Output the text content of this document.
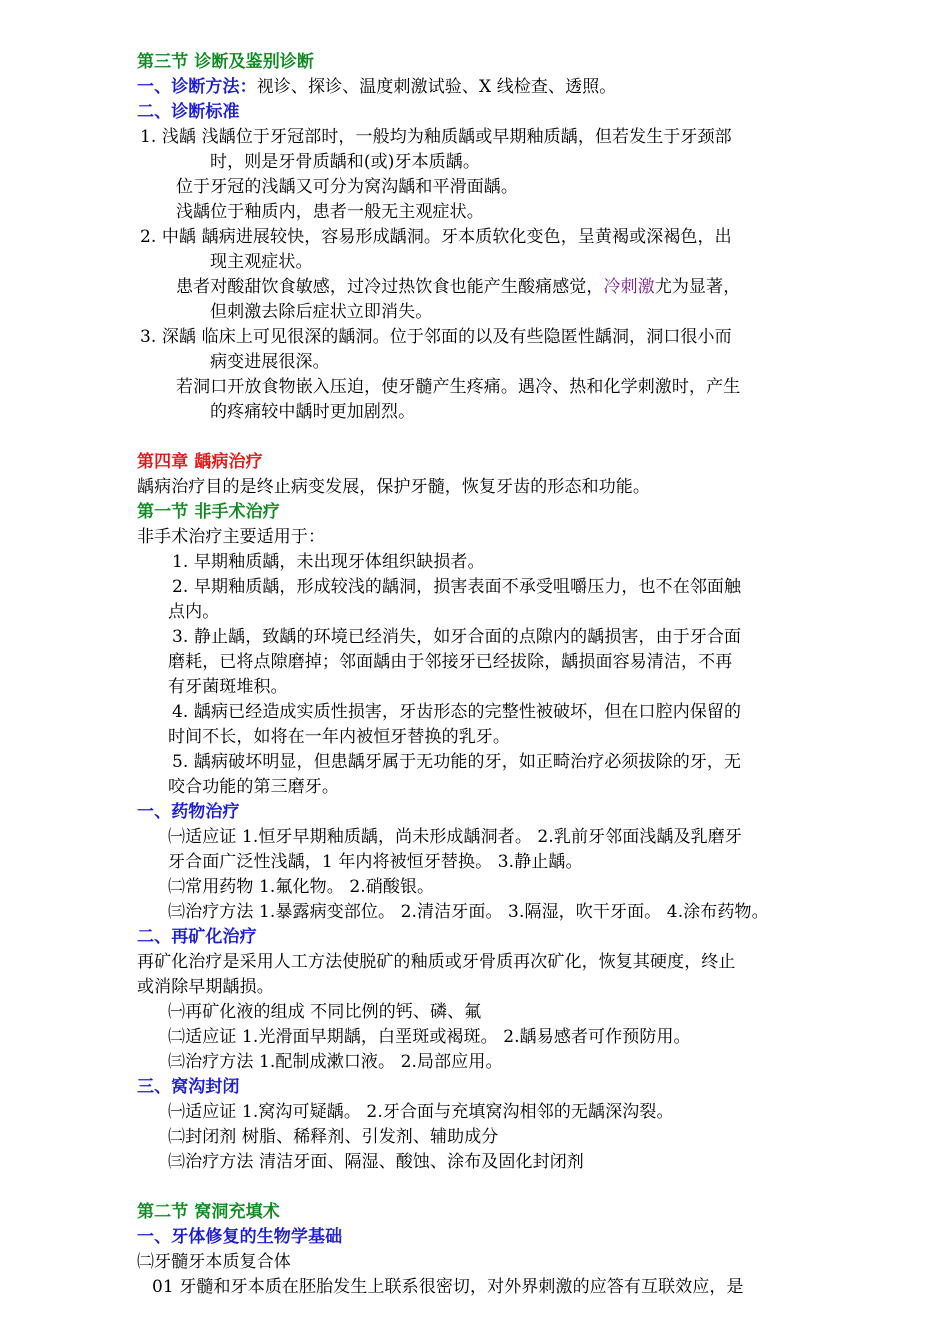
第三节 诊断及鉴别诊断
一、诊断方法：视诊、探诊、温度刺激试验、X 线检查、透照。
二、诊断标准
1. 浅龋 浅龋位于牙冠部时，一般均为釉质龋或早期釉质龋，但若发生于牙颈部
时，则是牙骨质龋和(或)牙本质龋。
位于牙冠的浅龋又可分为窝沟龋和平滑面龋。
浅龋位于釉质内，患者一般无主观症状。
2. 中龋 龋病进展较快，容易形成龋洞。牙本质软化变色，呈黄褐或深褐色，出
现主观症状。
患者对酸甜饮食敏感，过冷过热饮食也能产生酸痛感觉，冷刺激尤为显著，
但刺激去除后症状立即消失。
3. 深龋 临床上可见很深的龋洞。位于邻面的以及有些隐匿性龋洞，洞口很小而
病变进展很深。
若洞口开放食物嵌入压迫，使牙髓产生疼痛。遇冷、热和化学刺激时，产生
的疼痛较中龋时更加剧烈。
第四章 龋病治疗
龋病治疗目的是终止病变发展，保护牙髓，恢复牙齿的形态和功能。
第一节 非手术治疗
非手术治疗主要适用于：
1. 早期釉质龋，未出现牙体组织缺损者。
2. 早期釉质龋，形成较浅的龋洞，损害表面不承受咀嚼压力，也不在邻面触
点内。
3. 静止龋，致龋的环境已经消失，如牙合面的点隙内的龋损害，由于牙合面
磨耗，已将点隙磨掉；邻面龋由于邻接牙已经拔除，龋损面容易清洁，不再
有牙菌斑堆积。
4. 龋病已经造成实质性损害，牙齿形态的完整性被破坏，但在口腔内保留的
时间不长，如将在一年内被恒牙替换的乳牙。
5. 龋病破坏明显，但患龋牙属于无功能的牙，如正畸治疗必须拔除的牙，无
咬合功能的第三磨牙。
一、药物治疗
㈠适应证 1.恒牙早期釉质龋，尚未形成龋洞者。 2.乳前牙邻面浅龋及乳磨牙
牙合面广泛性浅龋，1 年内将被恒牙替换。 3.静止龋。
㈡常用药物 1.氟化物。 2.硝酸银。
㈢治疗方法 1.暴露病变部位。 2.清洁牙面。 3.隔湿，吹干牙面。 4.涂布药物。
二、再矿化治疗
再矿化治疗是采用人工方法使脱矿的釉质或牙骨质再次矿化，恢复其硬度，终止
或消除早期龋损。
㈠再矿化液的组成 不同比例的钙、磷、氟
㈡适应证 1.光滑面早期龋，白垩斑或褐斑。 2.龋易感者可作预防用。
㈢治疗方法 1.配制成漱口液。 2.局部应用。
三、窝沟封闭
㈠适应证 1.窝沟可疑龋。 2.牙合面与充填窝沟相邻的无龋深沟裂。
㈡封闭剂 树脂、稀释剂、引发剂、辅助成分
㈢治疗方法 清洁牙面、隔湿、酸蚀、涂布及固化封闭剂
第二节 窝洞充填术
一、牙体修复的生物学基础
㈡牙髓牙本质复合体
01 牙髓和牙本质在胚胎发生上联系很密切，对外界刺激的应答有互联效应，是
